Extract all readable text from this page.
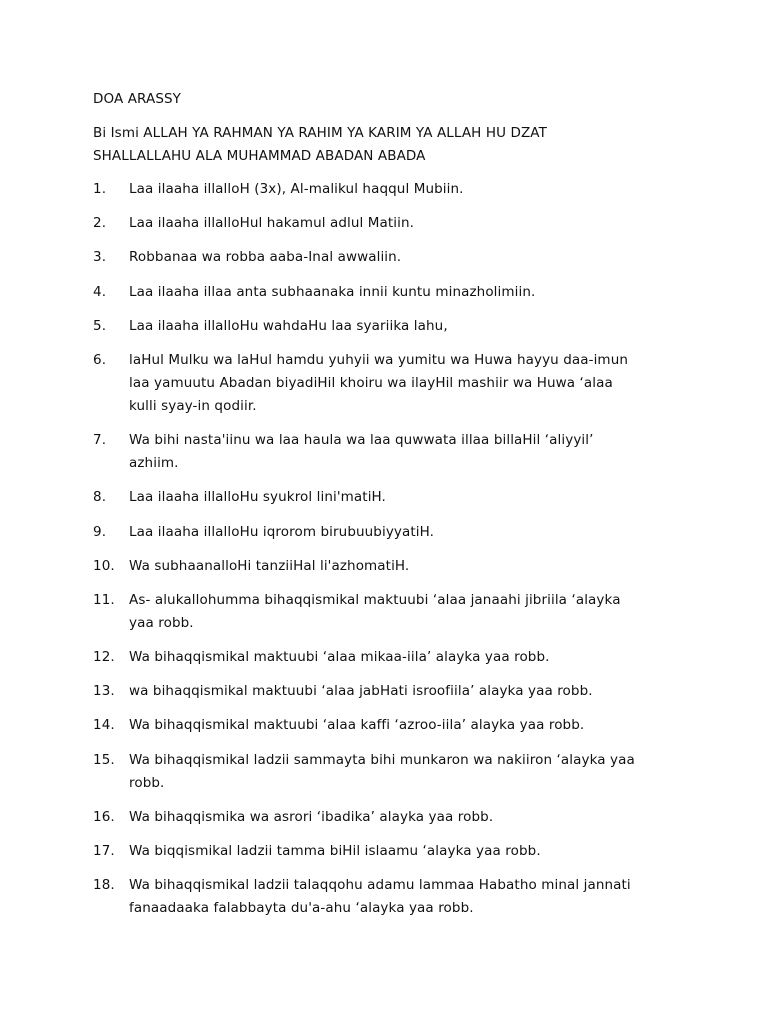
DOA ARASSY
Bi Ismi ALLAH YA RAHMAN YA RAHIM YA KARIM YA ALLAH HU DZAT
SHALLALLAHU ALA MUHAMMAD ABADAN ABADA
1. Laa ilaaha illalloH (3x), Al-malikul haqqul Mubiin.
2. Laa ilaaha illalloHul hakamul adlul Matiin.
3. Robbanaa wa robba aaba-Inal awwaliin.
4. Laa ilaaha illaa anta subhaanaka innii kuntu minazholimiin.
5. Laa ilaaha illalloHu wahdaHu laa syariika lahu,
6. laHul Mulku wa laHul hamdu yuhyii wa yumitu wa Huwa hayyu daa-imun
laa yamuutu Abadan biyadiHil khoiru wa ilayHil mashiir wa Huwa ‘alaa
kulli syay-in qodiir.
7. Wa bihi nasta'iinu wa laa haula wa laa quwwata illaa billaHil ‘aliyyil’
azhiim.
8. Laa ilaaha illalloHu syukrol lini'matiH.
9. Laa ilaaha illalloHu iqrorom birubuubiyyatiH.
10. Wa subhaanalloHi tanziiHal li'azhomatiH.
11. As- alukallohumma bihaqqismikal maktuubi ‘alaa janaahi jibriila ‘alayka
yaa robb.
12. Wa bihaqqismikal maktuubi ‘alaa mikaa-iila’ alayka yaa robb.
13. wa bihaqqismikal maktuubi ‘alaa jabHati isroofiila’ alayka yaa robb.
14. Wa bihaqqismikal maktuubi ‘alaa kaffi ‘azroo-iila’ alayka yaa robb.
15. Wa bihaqqismikal ladzii sammayta bihi munkaron wa nakiiron ‘alayka yaa
robb.
16. Wa bihaqqismika wa asrori ‘ibadika’ alayka yaa robb.
17. Wa biqqismikal ladzii tamma biHil islaamu ‘alayka yaa robb.
18. Wa bihaqqismikal ladzii talaqqohu adamu lammaa Habatho minal jannati
fanaadaaka falabbayta du'a-ahu ‘alayka yaa robb.
